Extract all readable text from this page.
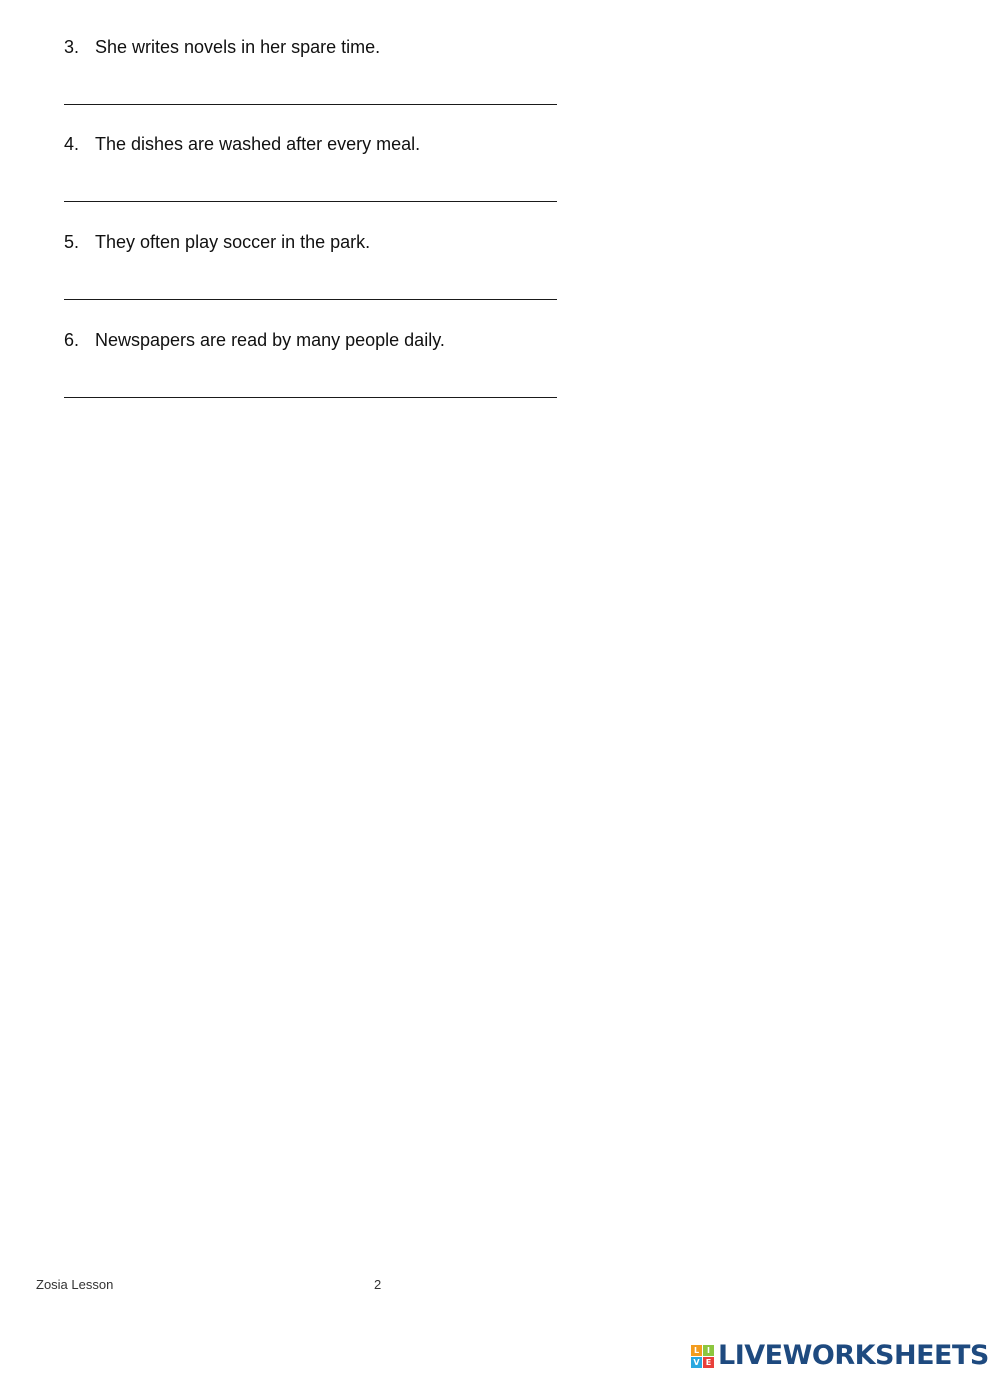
3. She writes novels in her spare time.
4. The dishes are washed after every meal.
5. They often play soccer in the park.
6. Newspapers are read by many people daily.
Zosia Lesson	2
L I
V E LIVEWORKSHEETS
